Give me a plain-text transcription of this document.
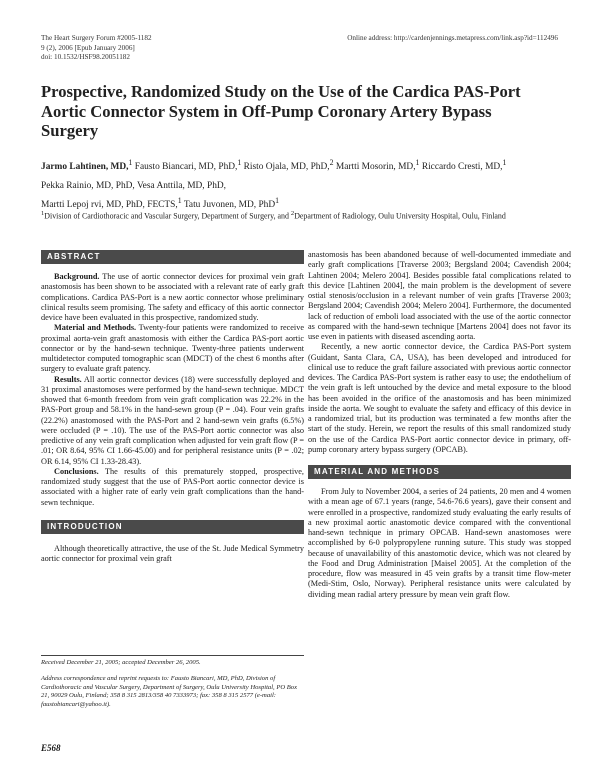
The Heart Surgery Forum #2005-1182
9 (2), 2006 [Epub January 2006]
doi: 10.1532/HSF98.20051182
Online address: http://cardenjennings.metapress.com/link.asp?id=112496
Prospective, Randomized Study on the Use of the Cardica PAS-Port Aortic Connector System in Off-Pump Coronary Artery Bypass Surgery
Jarmo Lahtinen, MD,$^1$ Fausto Biancari, MD, PhD,$^1$ Risto Ojala, MD, PhD,$^2$ Martti Mosorin, MD,$^1$ Riccardo Cresti, MD,$^1$ Pekka Rainio, MD, PhD, Vesa Anttila, MD, PhD,
Martti Lepoj rvi, MD, PhD, FECTS,$^1$ Tatu Juvonen, MD, PhD$^1$
$^1$Division of Cardiothoracic and Vascular Surgery, Department of Surgery, and $^2$Department of Radiology, Oulu University Hospital, Oulu, Finland
ABSTRACT

Background. The use of aortic connector devices for proximal vein graft anastomosis has been shown to be associated with a relevant rate of early graft complications. Cardica PAS-Port is a new aortic connector whose preliminary clinical results seem promising. The safety and efficacy of this aortic connector device have been evaluated in this prospective, randomized study.

Material and Methods. Twenty-four patients were randomized to receive proximal aorta-vein graft anastomosis with either the Cardica PAS-port aortic connector or by the hand-sewn technique. Twenty-three patients underwent multidetector computed tomographic scan (MDCT) of the chest 6 months after surgery to evaluate graft patency.

Results. All aortic connector devices (18) were successfully deployed and 31 proximal anastomoses were performed by the hand-sewn technique. MDCT showed that 6-month freedom from vein graft complication was 22.2% in the PAS-Port group and 58.1% in the hand-sewn group (P = .04). Four vein grafts (22.2%) anastomosed with the PAS-Port and 2 hand-sewn vein grafts (6.5%) were occluded (P = .10). The use of the PAS-Port aortic connector was also predictive of any vein graft complication when adjusted for vein graft flow (P = .01; OR 8.64, 95% CI 1.66-45.00) and for peripheral resistance units (P = .02; OR 6.14, 95% CI 1.33-28.43).

Conclusions. The results of this prematurely stopped, prospective, randomized study suggest that the use of PAS-Port aortic connector device is associated with a higher rate of early vein graft complications than the hand-sewn technique.

INTRODUCTION

Although theoretically attractive, the use of the St. Jude Medical Symmetry aortic connector for proximal vein graft

Received December 21, 2005; accepted December 26, 2005.
Address correspondence and reprint requests to: Fausto Biancari, MD, PhD, Division of Cardiothoracic and Vascular Surgery, Department of Surgery, Oulu University Hospital, PO Box 21, 90029 Oulu, Finland; 358 8 315 2813/358 40 7333973; fax: 358 8 315 2577 (e-mail: faustobiancari@yahoo.it).
E568

anastomosis has been abandoned because of well-documented immediate and early graft complications [Traverse 2003; Bergsland 2004; Cavendish 2004; Lahtinen 2004; Melero 2004]. Besides possible fatal complications related to this device [Lahtinen 2004], the main problem is the development of severe ostial stenosis/occlusion in a relevant number of vein grafts [Traverse 2003; Bergsland 2004; Cavendish 2004; Melero 2004]. Furthermore, the documented lack of reduction of emboli load associated with the use of the aortic connector as compared with the hand-sewn technique [Martens 2004] does not favor its use even in patients with diseased ascending aorta.

Recently, a new aortic connector device, the Cardica PAS-Port system (Guidant, Santa Clara, CA, USA), has been developed and introduced for clinical use to reduce the graft failure associated with previous aortic connector devices. The Cardica PAS-Port system is rather easy to use; the endothelium of the vein graft is left untouched by the device and metal exposure to the blood has been avoided in the orifice of the anastomosis and has been minimized inside the aorta. We sought to evaluate the safety and efficacy of this device in a randomized trial, but its production was terminated a few months after the start of the study. Herein, we report the results of this small randomized study on the use of the Cardica PAS-Port aortic connector device in primary, off-pump coronary artery bypass surgery (OPCAB).

MATERIAL AND METHODS

From July to November 2004, a series of 24 patients, 20 men and 4 women with a mean age of 67.1 years (range, 54.6-76.6 years), gave their consent and were enrolled in a prospective, randomized study evaluating the early results of a new proximal aortic anastomotic device compared with the conventional hand-sewn technique in primary OPCAB. Hand-sewn anastomoses were accomplished by 6-0 polypropylene running suture. This study was stopped because of unavailability of this anastomotic device, which was not cleared by the Food and Drug Administration [Maisel 2005]. At the completion of the procedure, flow was measured in 45 vein grafts by a transit time flow-meter (Medi-Stim, Oslo, Norway). Peripheral resistance units were calculated by dividing mean radial artery pressure by mean vein graft flow.
